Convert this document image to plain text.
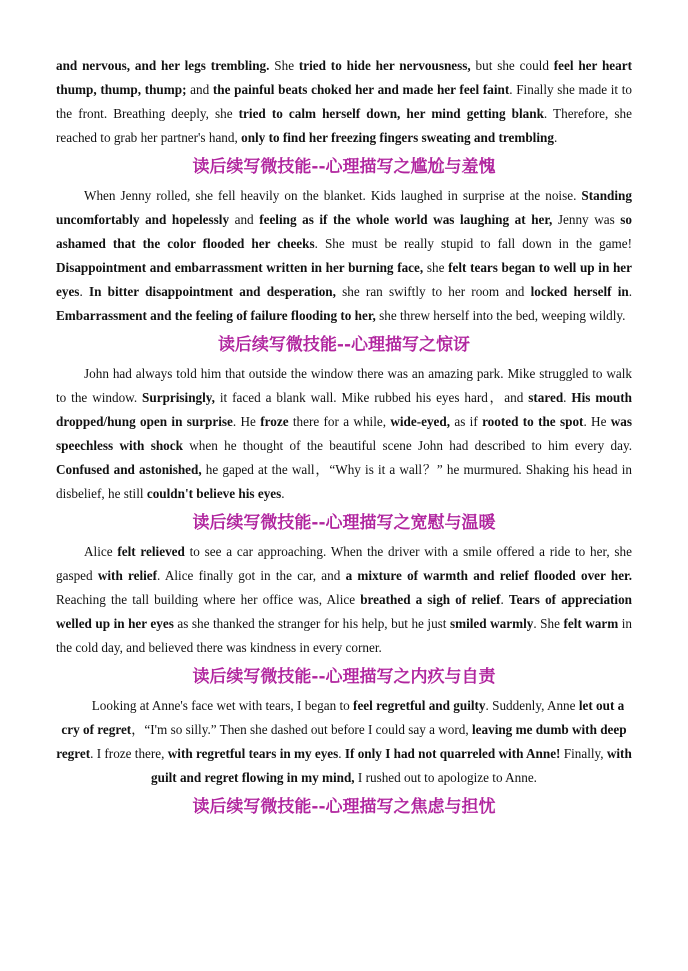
and nervous, and her legs trembling. She tried to hide her nervousness, but she could feel her heart thump, thump, thump; and the painful beats choked her and made her feel faint. Finally she made it to the front. Breathing deeply, she tried to calm herself down, her mind getting blank. Therefore, she reached to grab her partner's hand, only to find her freezing fingers sweating and trembling.

读后续写微技能--心理描写之尴尬与羞愧

When Jenny rolled, she fell heavily on the blanket. Kids laughed in surprise at the noise. Standing uncomfortably and hopelessly and feeling as if the whole world was laughing at her, Jenny was so ashamed that the color flooded her cheeks. She must be really stupid to fall down in the game! Disappointment and embarrassment written in her burning face, she felt tears began to well up in her eyes. In bitter disappointment and desperation, she ran swiftly to her room and locked herself in. Embarrassment and the feeling of failure flooding to her, she threw herself into the bed, weeping wildly.

读后续写微技能--心理描写之惊讶

John had always told him that outside the window there was an amazing park. Mike struggled to walk to the window. Surprisingly, it faced a blank wall. Mike rubbed his eyes hard，and stared. His mouth dropped/hung open in surprise. He froze there for a while, wide-eyed, as if rooted to the spot. He was speechless with shock when he thought of the beautiful scene John had described to him every day. Confused and astonished, he gaped at the wall，“Why is it a wall？” he murmured. Shaking his head in disbelief, he still couldn't believe his eyes.

读后续写微技能--心理描写之宽慰与温暖

Alice felt relieved to see a car approaching. When the driver with a smile offered a ride to her, she gasped with relief. Alice finally got in the car, and a mixture of warmth and relief flooded over her. Reaching the tall building where her office was, Alice breathed a sigh of relief. Tears of appreciation welled up in her eyes as she thanked the stranger for his help, but he just smiled warmly. She felt warm in the cold day, and believed there was kindness in every corner.

读后续写微技能--心理描写之内疚与自责

Looking at Anne's face wet with tears, I began to feel regretful and guilty. Suddenly, Anne let out a cry of regret，“I'm so silly.” Then she dashed out before I could say a word, leaving me dumb with deep regret. I froze there, with regretful tears in my eyes. If only I had not quarreled with Anne! Finally, with guilt and regret flowing in my mind, I rushed out to apologize to Anne.

读后续写微技能--心理描写之焦虑与担忧
